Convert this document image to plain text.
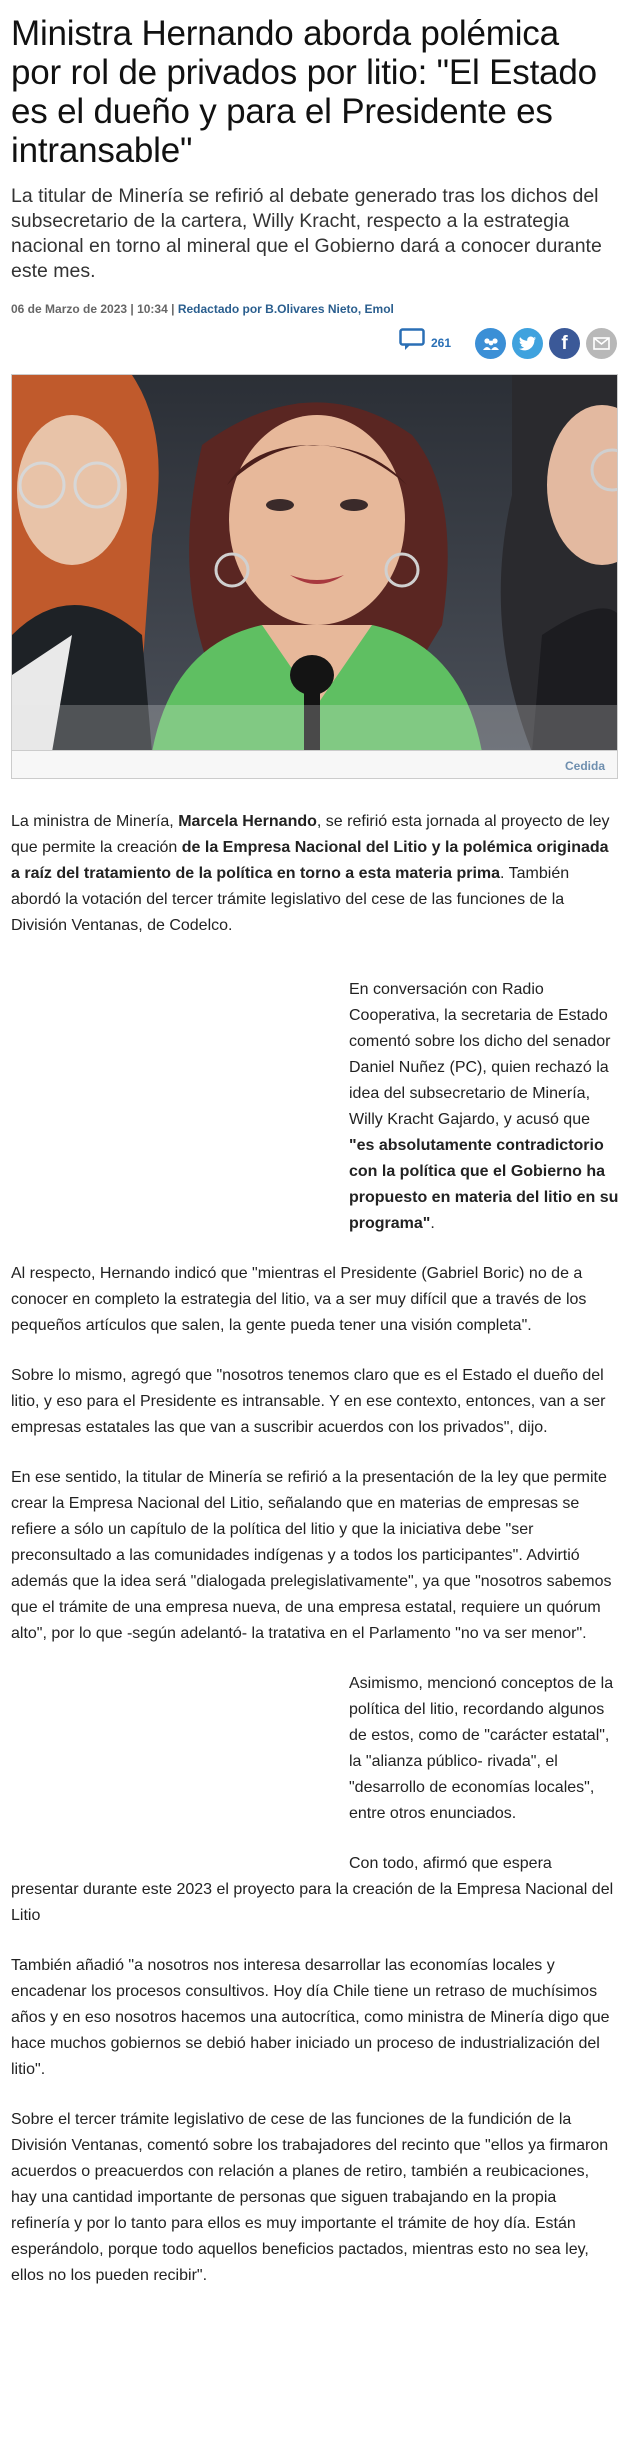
Ministra Hernando aborda polémica por rol de privados por litio: "El Estado es el dueño y para el Presidente es intransable"

La titular de Minería se refirió al debate generado tras los dichos del subsecretario de la cartera, Willy Kracht, respecto a la estrategia nacional en torno al mineral que el Gobierno dará a conocer durante este mes.

06 de Marzo de 2023 | 10:34 | Redactado por B.Olivares Nieto, Emol
261	f
Cedida

La ministra de Minería, Marcela Hernando, se refirió esta jornada al proyecto de ley que permite la creación de la Empresa Nacional del Litio y la polémica originada a raíz del tratamiento de la política en torno a esta materia prima. También abordó la votación del tercer trámite legislativo del cese de las funciones de la División Ventanas, de Codelco.

En conversación con Radio Cooperativa, la secretaria de Estado comentó sobre los dicho del senador Daniel Nuñez (PC), quien rechazó la idea del subsecretario de Minería, Willy Kracht Gajardo, y acusó que "es absolutamente contradictorio con la política que el Gobierno ha propuesto en materia del litio en su programa".

Al respecto, Hernando indicó que "mientras el Presidente (Gabriel Boric) no de a conocer en completo la estrategia del litio, va a ser muy difícil que a través de los pequeños artículos que salen, la gente pueda tener una visión completa".

Sobre lo mismo, agregó que "nosotros tenemos claro que es el Estado el dueño del litio, y eso para el Presidente es intransable. Y en ese contexto, entonces, van a ser empresas estatales las que van a suscribir acuerdos con los privados", dijo.

En ese sentido, la titular de Minería se refirió a la presentación de la ley que permite crear la Empresa Nacional del Litio, señalando que en materias de empresas se refiere a sólo un capítulo de la política del litio y que la iniciativa debe "ser preconsultado a las comunidades indígenas y a todos los participantes". Advirtió además que la idea será "dialogada prelegislativamente", ya que "nosotros sabemos que el trámite de una empresa nueva, de una empresa estatal, requiere un quórum alto", por lo que -según adelantó- la tratativa en el Parlamento "no va ser menor".

Asimismo, mencionó conceptos de la política del litio, recordando algunos de estos, como de "carácter estatal", la "alianza público- rivada", el "desarrollo de economías locales", entre otros enunciados.

Con todo, afirmó que espera
presentar durante este 2023 el proyecto para la creación de la Empresa Nacional del Litio

También añadió "a nosotros nos interesa desarrollar las economías locales y encadenar los procesos consultivos. Hoy día Chile tiene un retraso de muchísimos años y en eso nosotros hacemos una autocrítica, como ministra de Minería digo que hace muchos gobiernos se debió haber iniciado un proceso de industrialización del litio".

Sobre el tercer trámite legislativo de cese de las funciones de la fundición de la División Ventanas, comentó sobre los trabajadores del recinto que "ellos ya firmaron acuerdos o preacuerdos con relación a planes de retiro, también a reubicaciones, hay una cantidad importante de personas que siguen trabajando en la propia refinería y por lo tanto para ellos es muy importante el trámite de hoy día. Están esperándolo, porque todo aquellos beneficios pactados, mientras esto no sea ley, ellos no los pueden recibir".
